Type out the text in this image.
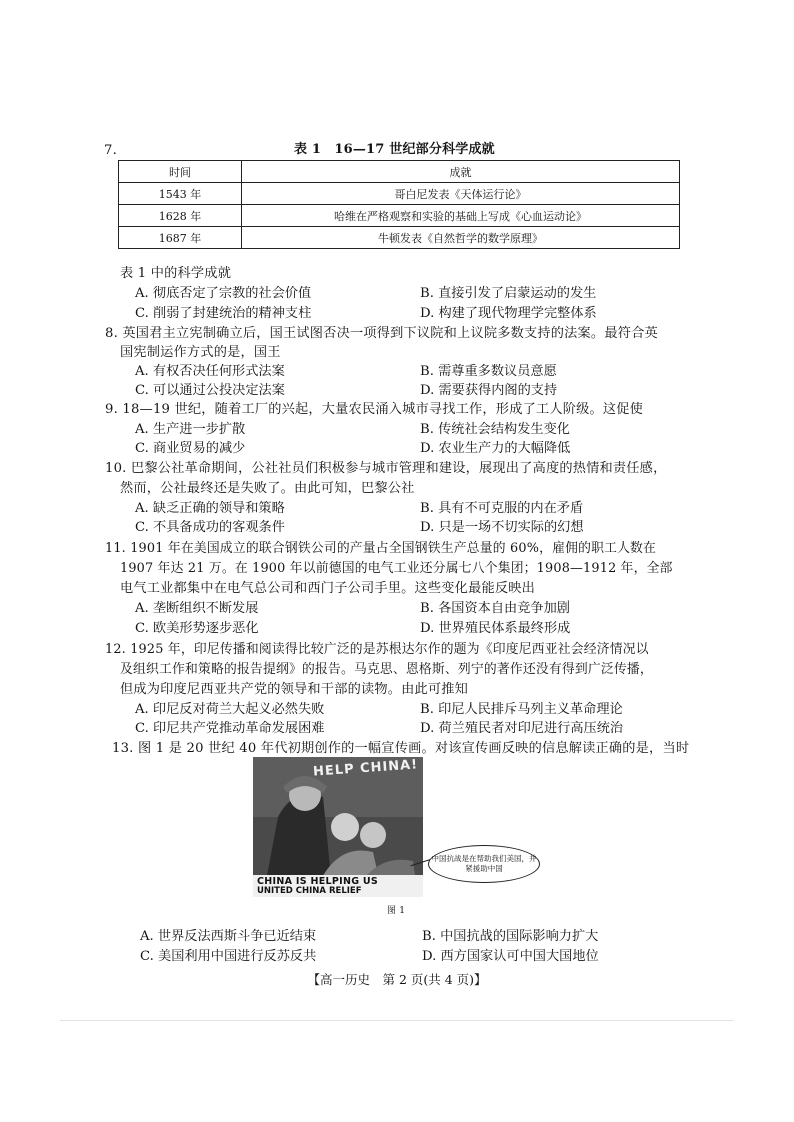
7.	表 1　16—17 世纪部分科学成就
时间	成就
1543 年	哥白尼发表《天体运行论》
1628 年	哈维在严格观察和实验的基础上写成《心血运动论》
1687 年	牛顿发表《自然哲学的数学原理》
表 1 中的科学成就
A. 彻底否定了宗教的社会价值	B. 直接引发了启蒙运动的发生
C. 削弱了封建统治的精神支柱	D. 构建了现代物理学完整体系
8. 英国君主立宪制确立后，国王试图否决一项得到下议院和上议院多数支持的法案。最符合英
国宪制运作方式的是，国王
A. 有权否决任何形式法案	B. 需尊重多数议员意愿
C. 可以通过公投决定法案	D. 需要获得内阁的支持
9. 18—19 世纪，随着工厂的兴起，大量农民涌入城市寻找工作，形成了工人阶级。这促使
A. 生产进一步扩散	B. 传统社会结构发生变化
C. 商业贸易的减少	D. 农业生产力的大幅降低
10. 巴黎公社革命期间，公社社员们积极参与城市管理和建设，展现出了高度的热情和责任感，
然而，公社最终还是失败了。由此可知，巴黎公社
A. 缺乏正确的领导和策略	B. 具有不可克服的内在矛盾
C. 不具备成功的客观条件	D. 只是一场不切实际的幻想
11. 1901 年在美国成立的联合钢铁公司的产量占全国钢铁生产总量的 60%，雇佣的职工人数在
1907 年达 21 万。在 1900 年以前德国的电气工业还分属七八个集团；1908—1912 年，全部
电气工业都集中在电气总公司和西门子公司手里。这些变化最能反映出
A. 垄断组织不断发展	B. 各国资本自由竞争加剧
C. 欧美形势逐步恶化	D. 世界殖民体系最终形成
12. 1925 年，印尼传播和阅读得比较广泛的是苏根达尔作的题为《印度尼西亚社会经济情况以
及组织工作和策略的报告提纲》的报告。马克思、恩格斯、列宁的著作还没有得到广泛传播，
但成为印度尼西亚共产党的领导和干部的读物。由此可推知
A. 印尼反对荷兰大起义必然失败	B. 印尼人民排斥马列主义革命理论
C. 印尼共产党推动革命发展困难	D. 荷兰殖民者对印尼进行高压统治
13. 图 1 是 20 世纪 40 年代初期创作的一幅宣传画。对该宣传画反映的信息解读正确的是，当时
HELP CHINA!
CHINA IS HELPING US
UNITED CHINA RELIEF
中国抗战是在帮助我们美国，并紧援助中国
图 1
A. 世界反法西斯斗争已近结束	B. 中国抗战的国际影响力扩大
C. 美国利用中国进行反苏反共	D. 西方国家认可中国大国地位
【高一历史　第 2 页(共 4 页)】
